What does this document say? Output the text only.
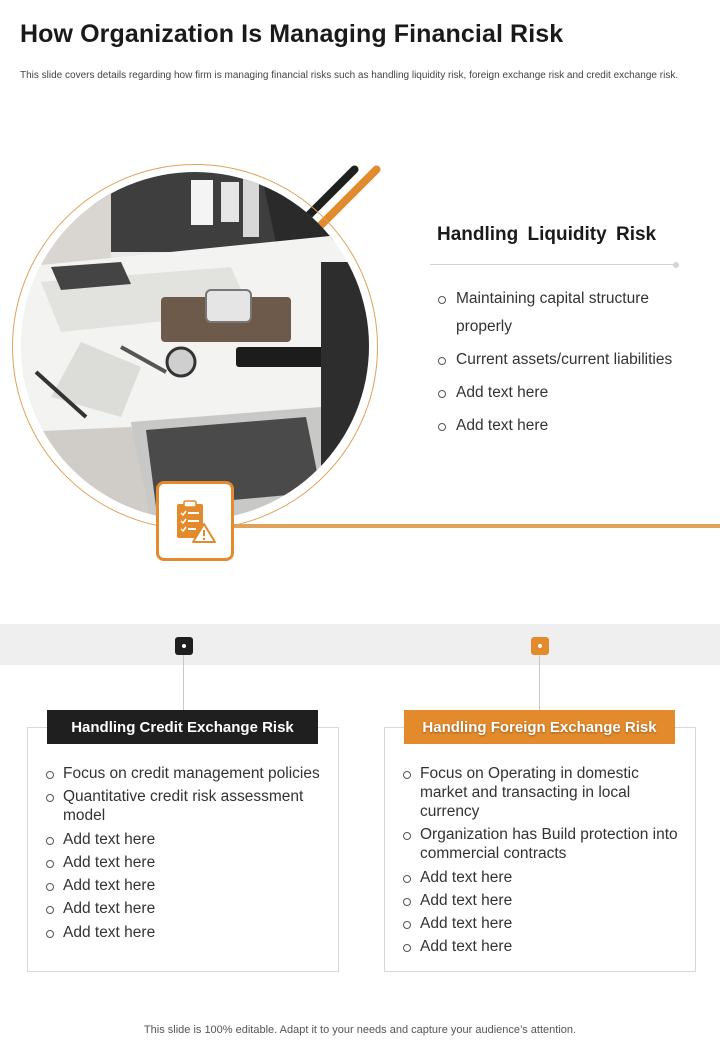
How Organization Is Managing Financial Risk

This slide covers details regarding how firm is managing financial risks such as handling liquidity risk, foreign exchange risk and credit exchange risk.

Handling Liquidity Risk
Maintaining capital structure properly
Current assets/current liabilities
Add text here
Add text here
Handling Credit Exchange Risk	Handling Foreign Exchange Risk
Focus on credit management policies
Quantitative credit risk assessment model
Add text here
Add text here
Add text here
Add text here
Add text here
Focus on Operating in domestic market and transacting in local currency
Organization has Build protection into commercial contracts
Add text here
Add text here
Add text here
Add text here

This slide is 100% editable. Adapt it to your needs and capture your audience’s attention.
